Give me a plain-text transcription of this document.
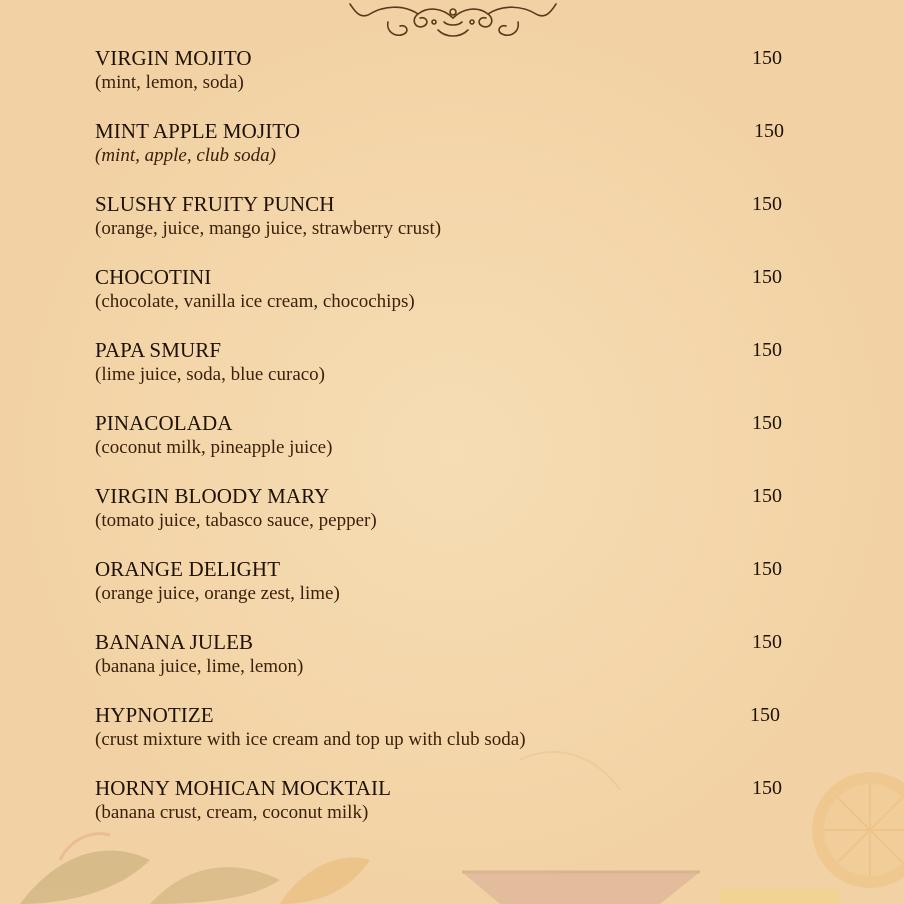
VIRGIN MOJITO
(mint, lemon, soda)
150
MINT APPLE MOJITO
(mint, apple, club soda)
150
SLUSHY FRUITY PUNCH
(orange, juice, mango juice, strawberry crust)
150
CHOCOTINI
(chocolate, vanilla ice cream, chocochips)
150
PAPA SMURF
(lime juice, soda, blue curaco)
150
PINACOLADA
(coconut milk, pineapple juice)
150
VIRGIN BLOODY MARY
(tomato juice, tabasco sauce, pepper)
150
ORANGE DELIGHT
(orange juice, orange zest, lime)
150
BANANA JULEB
(banana juice, lime, lemon)
150
HYPNOTIZE
(crust mixture with ice cream and top up with club soda)
150
HORNY MOHICAN MOCKTAIL
(banana crust, cream, coconut milk)
150
